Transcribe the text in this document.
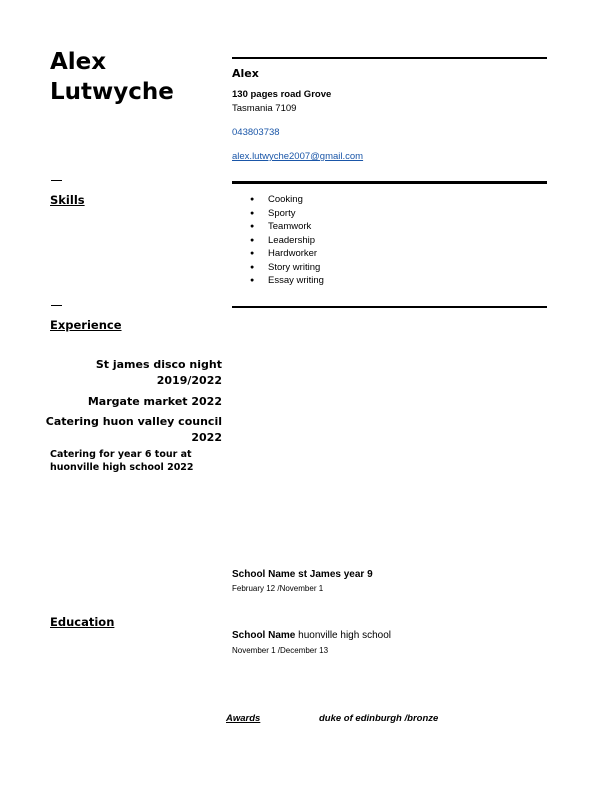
Alex
Lutwyche
Alex
130 pages road Grove
Tasmania 7109
043803738
alex.lutwyche2007@gmail.com
Skills
●	Cooking
● Sporty
● Teamwork
● Leadership
● Hardworker
● Story writing
● Essay writing
Experience
St james disco night
2019/2022
Margate market 2022
Catering huon valley council
2022
Catering for year 6 tour at
huonville high school 2022
School Name st James year 9
February 12 /November 1
Education
School Name huonville high school
November 1 /December 13
Awards	duke of edinburgh /bronze
